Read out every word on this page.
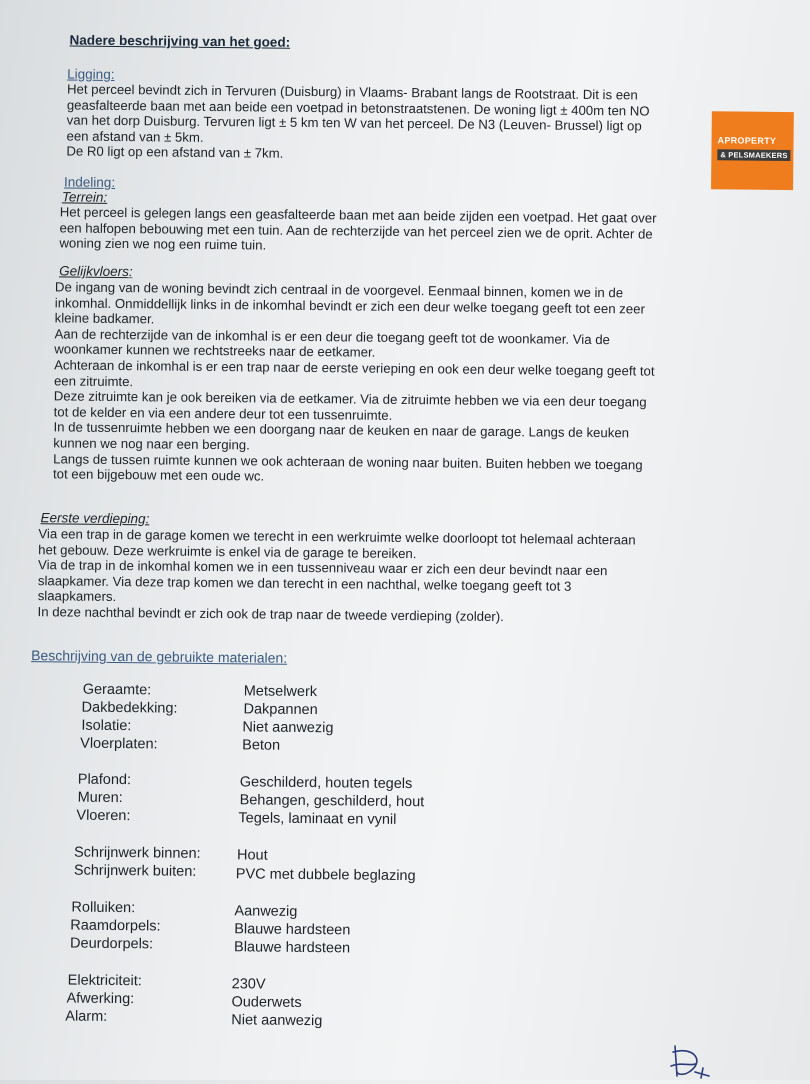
Nadere beschrijving van het goed:
APROPERTY
& PELSMAEKERS
Ligging:
Het perceel bevindt zich in Tervuren (Duisburg) in Vlaams- Brabant langs de Rootstraat. Dit is een
geasfalteerde baan met aan beide een voetpad in betonstraatstenen. De woning ligt ± 400m ten NO
van het dorp Duisburg. Tervuren ligt ± 5 km ten W van het perceel. De N3 (Leuven- Brussel) ligt op
een afstand van ± 5km.
De R0 ligt op een afstand van ± 7km.
Indeling:
Terrein:
Het perceel is gelegen langs een geasfalteerde baan met aan beide zijden een voetpad. Het gaat over
een halfopen bebouwing met een tuin. Aan de rechterzijde van het perceel zien we de oprit. Achter de
woning zien we nog een ruime tuin.
Gelijkvloers:
De ingang van de woning bevindt zich centraal in de voorgevel. Eenmaal binnen, komen we in de
inkomhal. Onmiddellijk links in de inkomhal bevindt er zich een deur welke toegang geeft tot een zeer
kleine badkamer.
Aan de rechterzijde van de inkomhal is er een deur die toegang geeft tot de woonkamer. Via de
woonkamer kunnen we rechtstreeks naar de eetkamer.
Achteraan de inkomhal is er een trap naar de eerste verieping en ook een deur welke toegang geeft tot
een zitruimte.
Deze zitruimte kan je ook bereiken via de eetkamer. Via de zitruimte hebben we via een deur toegang
tot de kelder en via een andere deur tot een tussenruimte.
In de tussenruimte hebben we een doorgang naar de keuken en naar de garage. Langs de keuken
kunnen we nog naar een berging.
Langs de tussen ruimte kunnen we ook achteraan de woning naar buiten. Buiten hebben we toegang
tot een bijgebouw met een oude wc.
Eerste verdieping:
Via een trap in de garage komen we terecht in een werkruimte welke doorloopt tot helemaal achteraan
het gebouw. Deze werkruimte is enkel via de garage te bereiken.
Via de trap in de inkomhal komen we in een tussenniveau waar er zich een deur bevindt naar een
slaapkamer. Via deze trap komen we dan terecht in een nachthal, welke toegang geeft tot 3
slaapkamers.
In deze nachthal bevindt er zich ook de trap naar de tweede verdieping (zolder).
Beschrijving van de gebruikte materialen:
Geraamte:	Metselwerk
Dakbedekking:	Dakpannen
Isolatie:	Niet aanwezig
Vloerplaten:	Beton
Plafond:	Geschilderd, houten tegels
Muren:	Behangen, geschilderd, hout
Vloeren:	Tegels, laminaat en vynil
Schrijnwerk binnen:	Hout
Schrijnwerk buiten:	PVC met dubbele beglazing
Rolluiken:	Aanwezig
Raamdorpels:	Blauwe hardsteen
Deurdorpels:	Blauwe hardsteen
Elektriciteit:	230V
Afwerking:	Ouderwets
Alarm:	Niet aanwezig
